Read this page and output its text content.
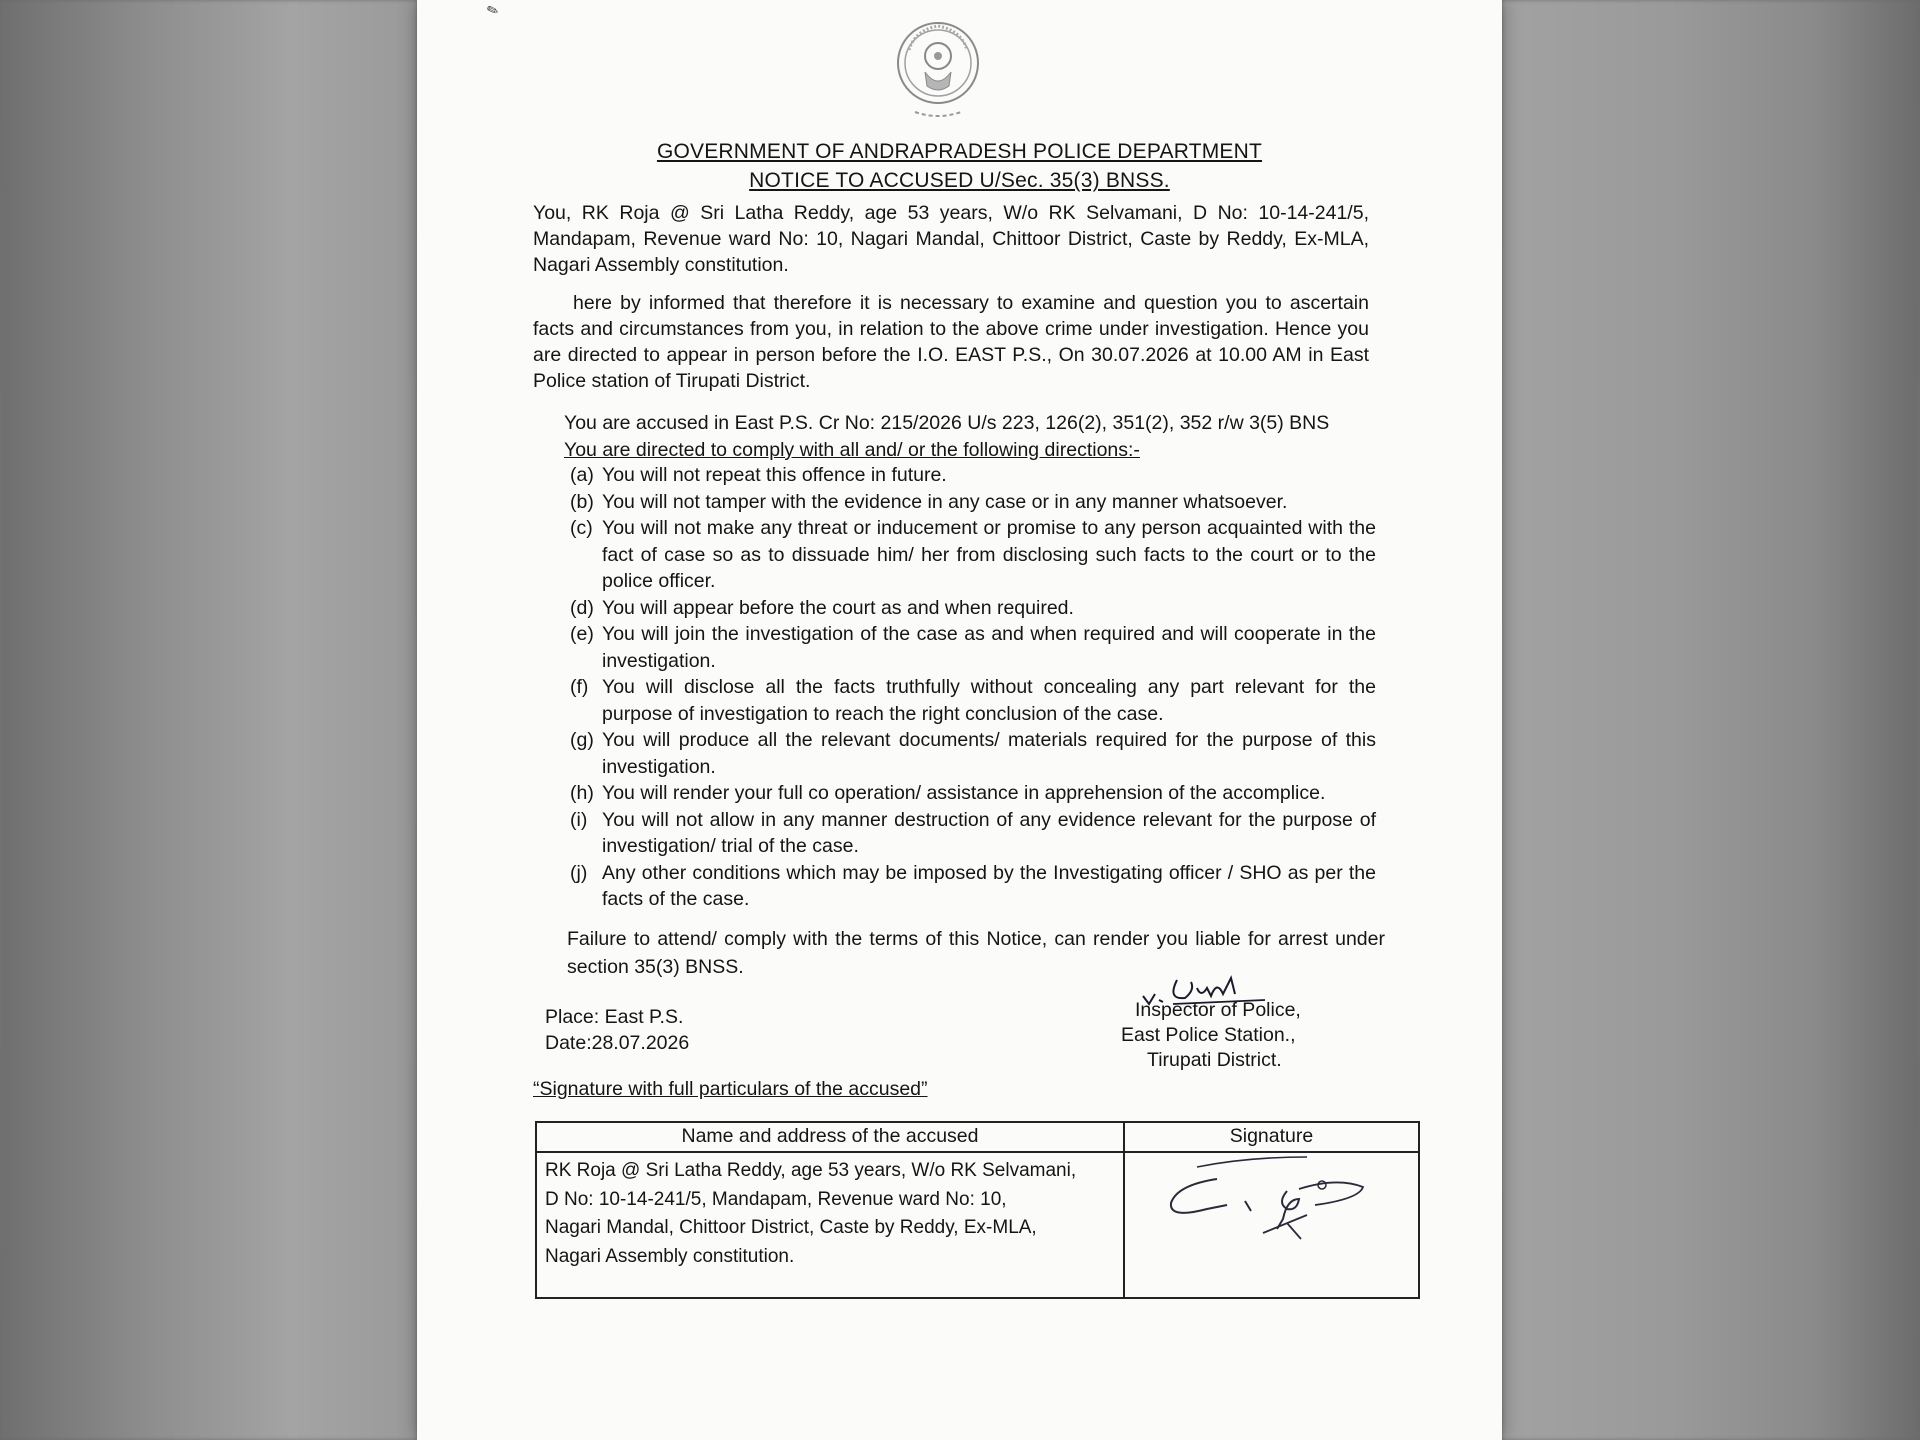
✎
GOVERNMENT OF ANDRAPRADESH POLICE DEPARTMENT
NOTICE TO ACCUSED U/Sec. 35(3) BNSS.

You, RK Roja @ Sri Latha Reddy, age 53 years, W/o RK Selvamani, D No: 10-14-241/5, Mandapam, Revenue ward No: 10, Nagari Mandal, Chittoor District, Caste by Reddy, Ex-MLA, Nagari Assembly constitution.

here by informed that therefore it is necessary to examine and question you to ascertain facts and circumstances from you, in relation to the above crime under investigation. Hence you are directed to appear in person before the I.O. EAST P.S., On 30.07.2026 at 10.00 AM in East Police station of Tirupati District.

You are accused in East P.S. Cr No: 215/2026 U/s 223, 126(2), 351(2), 352 r/w 3(5) BNS

You are directed to comply with all and/ or the following directions:-

(a) You will not repeat this offence in future.
(b) You will not tamper with the evidence in any case or in any manner whatsoever.
(c) You will not make any threat or inducement or promise to any person acquainted with the fact of case so as to dissuade him/ her from disclosing such facts to the court or to the police officer.
(d) You will appear before the court as and when required.
(e) You will join the investigation of the case as and when required and will cooperate in the investigation.
(f) You will disclose all the facts truthfully without concealing any part relevant for the purpose of investigation to reach the right conclusion of the case.
(g) You will produce all the relevant documents/ materials required for the purpose of this investigation.
(h) You will render your full co operation/ assistance in apprehension of the accomplice.
(i) You will not allow in any manner destruction of any evidence relevant for the purpose of investigation/ trial of the case.
(j) Any other conditions which may be imposed by the Investigating officer / SHO as per the facts of the case.

Failure to attend/ comply with the terms of this Notice, can render you liable for arrest under section 35(3) BNSS.

Place: East P.S.
Date:28.07.2026
Inspector of Police,
East Police Station.,
Tirupati District.
“Signature with full particulars of the accused”
Name and address of the accused	Signature
RK Roja @ Sri Latha Reddy, age 53 years, W/o RK Selvamani,
D No: 10-14-241/5, Mandapam, Revenue ward No: 10,
Nagari Mandal, Chittoor District, Caste by Reddy, Ex-MLA,
Nagari Assembly constitution.
